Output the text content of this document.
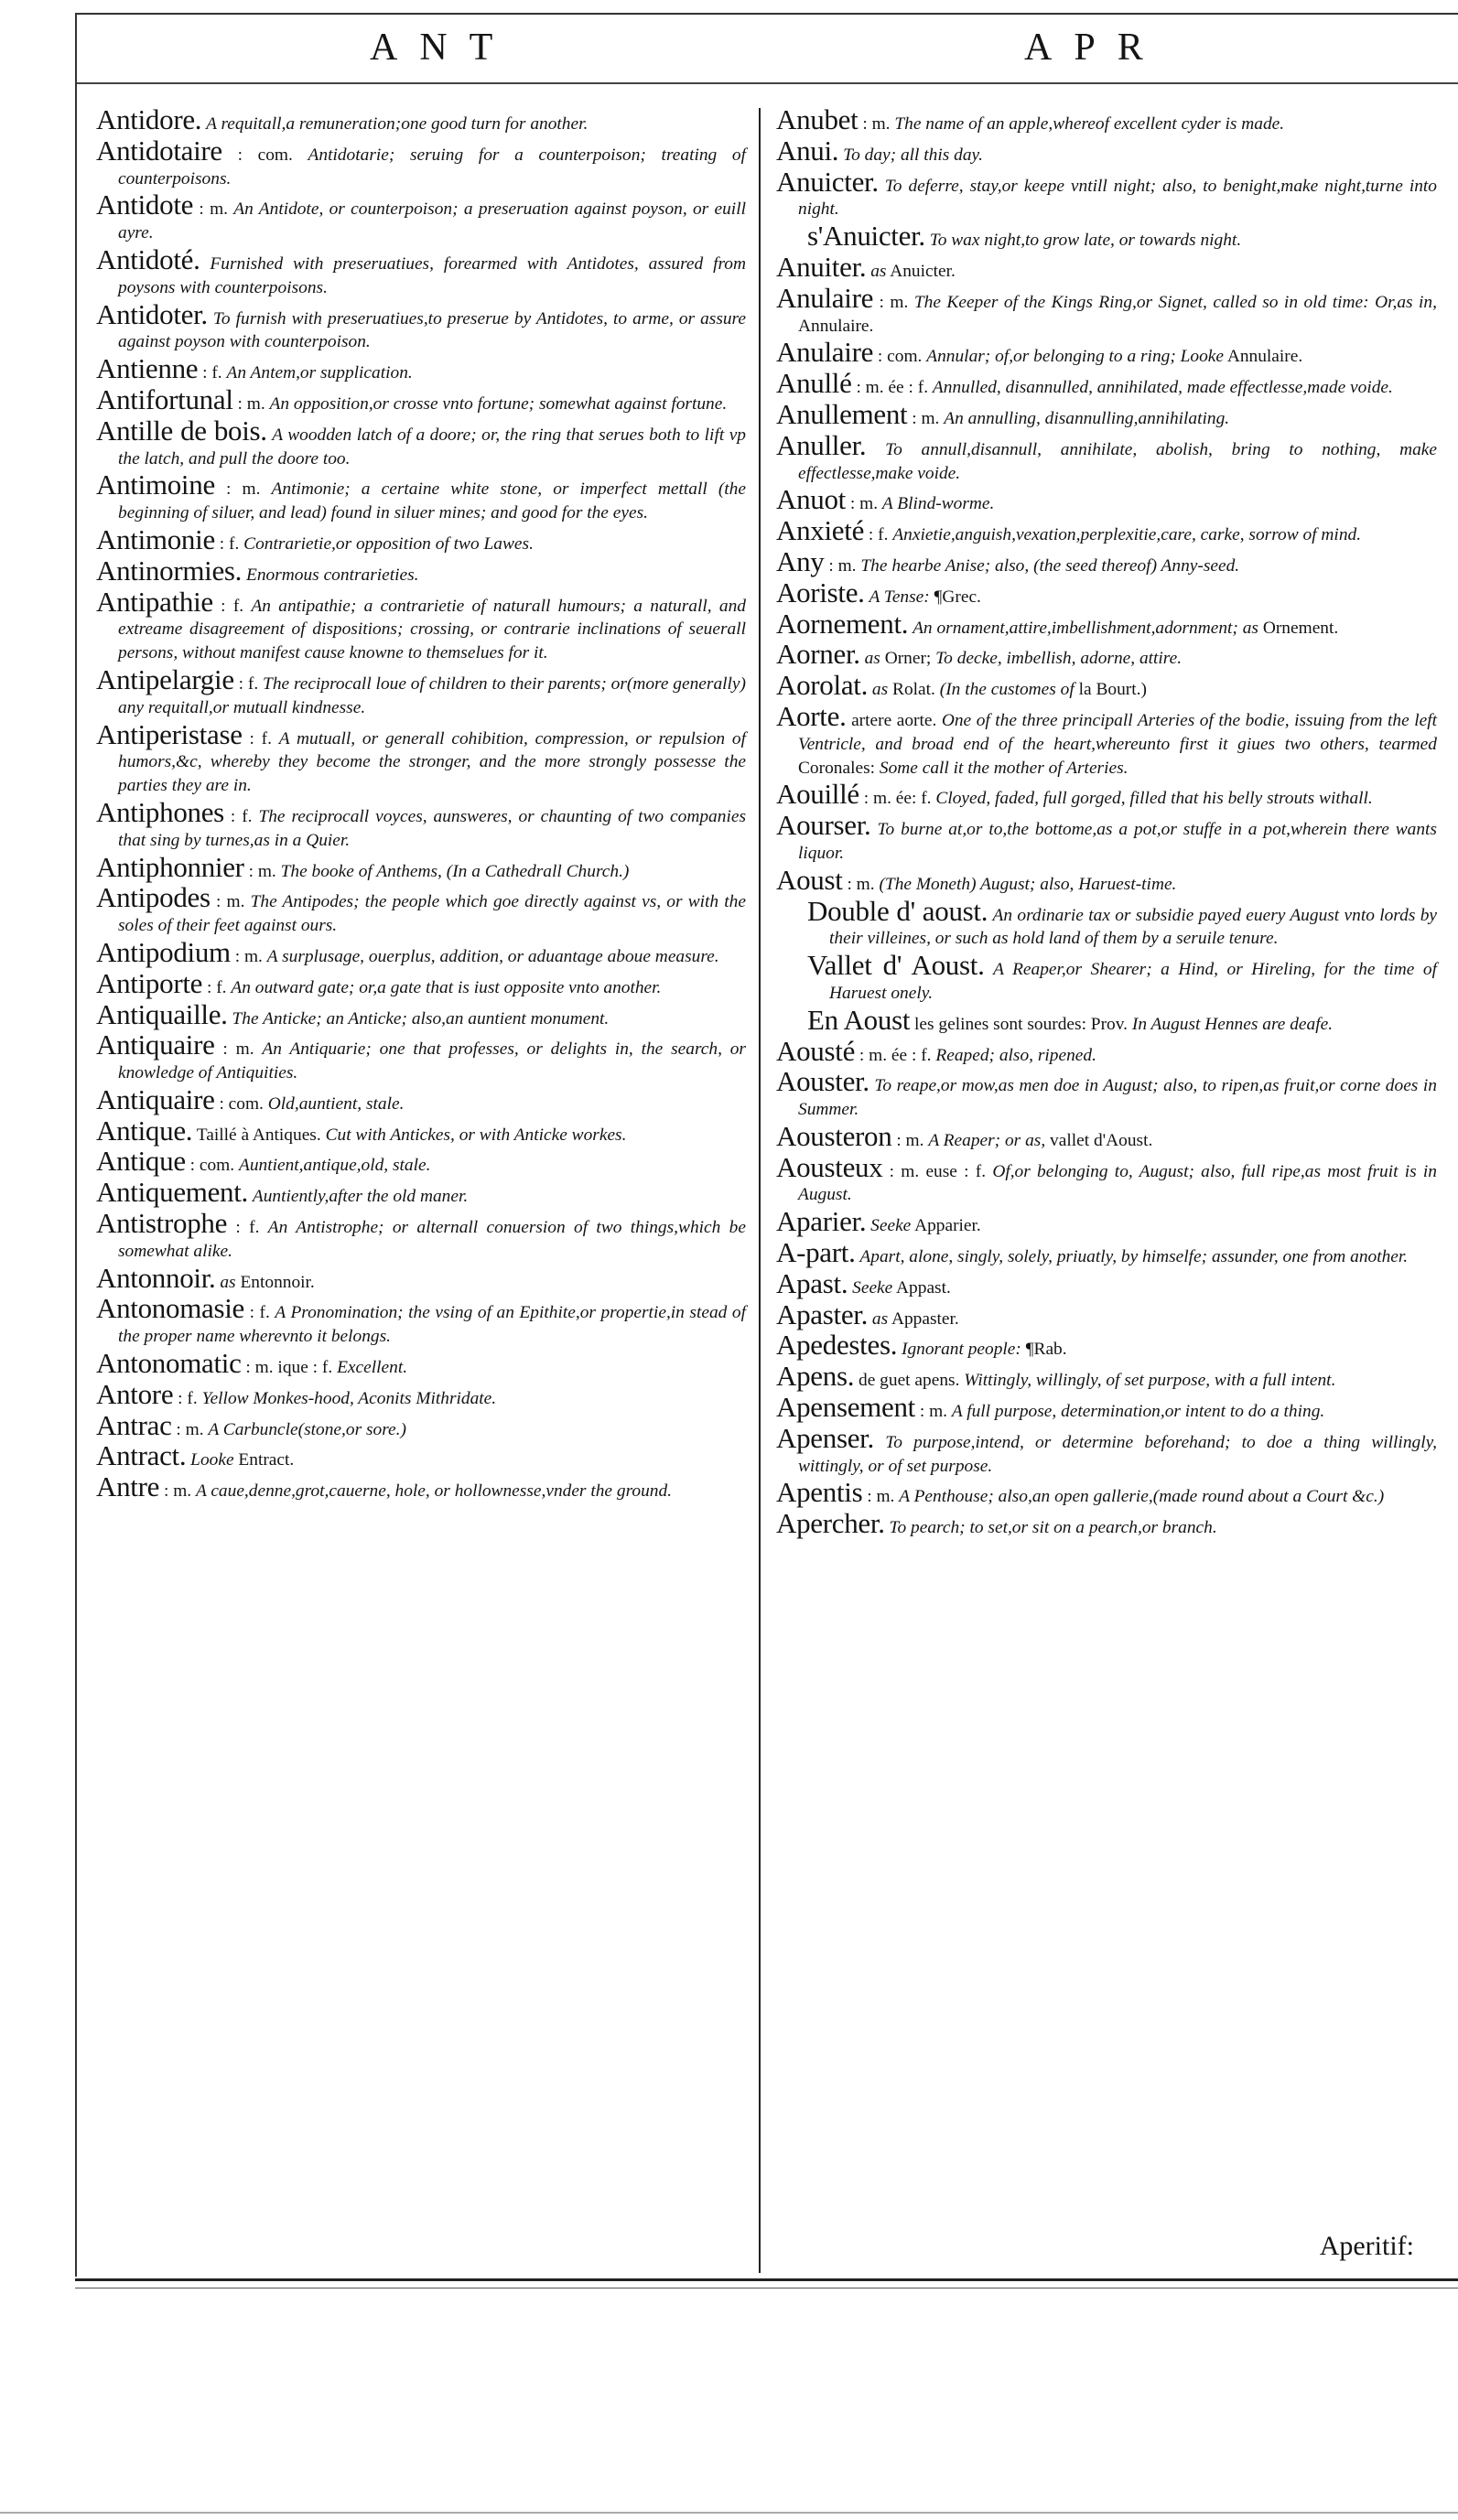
ANT	APR
Antidore. A requitall,a remuneration;one good turn for another.
Antidotaire : com. Antidotarie; seruing for a counterpoison; treating of counterpoisons.
Antidote : m. An Antidote, or counterpoison; a preseruation against poyson, or euill ayre.
Antidoté. Furnished with preseruatiues, forearmed with Antidotes, assured from poysons with counterpoisons.
Antidoter. To furnish with preseruatiues,to preserue by Antidotes, to arme, or assure against poyson with counterpoison.
Antienne : f. An Antem,or supplication.
Antifortunal : m. An opposition,or crosse vnto fortune; somewhat against fortune.
Antille de bois. A woodden latch of a doore; or, the ring that serues both to lift vp the latch, and pull the doore too.
Antimoine : m. Antimonie; a certaine white stone, or imperfect mettall (the beginning of siluer, and lead) found in siluer mines; and good for the eyes.
Antimonie : f. Contrarietie,or opposition of two Lawes.
Antinormies. Enormous contrarieties.
Antipathie : f. An antipathie; a contrarietie of naturall humours; a naturall, and extreame disagreement of dispositions; crossing, or contrarie inclinations of seuerall persons, without manifest cause knowne to themselues for it.
Antipelargie : f. The reciprocall loue of children to their parents; or(more generally) any requitall,or mutuall kindnesse.
Antiperistase : f. A mutuall, or generall cohibition, compression, or repulsion of humors,&c, whereby they become the stronger, and the more strongly possesse the parties they are in.
Antiphones : f. The reciprocall voyces, aunsweres, or chaunting of two companies that sing by turnes,as in a Quier.
Antiphonnier : m. The booke of Anthems, (In a Cathedrall Church.)
Antipodes : m. The Antipodes; the people which goe directly against vs, or with the soles of their feet against ours.
Antipodium : m. A surplusage, ouerplus, addition, or aduantage aboue measure.
Antiporte : f. An outward gate; or,a gate that is iust opposite vnto another.
Antiquaille. The Anticke; an Anticke; also,an auntient monument.
Antiquaire : m. An Antiquarie; one that professes, or delights in, the search, or knowledge of Antiquities.
Antiquaire : com. Old,auntient, stale.
Antique. Taillé à Antiques. Cut with Antickes, or with Anticke workes.
Antique : com. Auntient,antique,old, stale.
Antiquement. Auntiently,after the old maner.
Antistrophe : f. An Antistrophe; or alternall conuersion of two things,which be somewhat alike.
Antonnoir. as Entonnoir.
Antonomasie : f. A Pronomination; the vsing of an Epithite,or propertie,in stead of the proper name wherevnto it belongs.
Antonomatic : m. ique : f. Excellent.
Antore : f. Yellow Monkes-hood, Aconits Mithridate.
Antrac : m. A Carbuncle(stone,or sore.)
Antract. Looke Entract.
Antre : m. A caue,denne,grot,cauerne, hole, or hollownesse,vnder the ground.
Anubet : m. The name of an apple,whereof excellent cyder is made.
Anui. To day; all this day.
Anuicter. To deferre, stay,or keepe vntill night; also, to benight,make night,turne into night.
s'Anuicter. To wax night,to grow late, or towards night.
Anuiter. as Anuicter.
Anulaire : m. The Keeper of the Kings Ring,or Signet, called so in old time: Or,as in, Annulaire.
Anulaire : com. Annular; of,or belonging to a ring; Looke Annulaire.
Anullé : m. ée : f. Annulled, disannulled, annihilated, made effectlesse,made voide.
Anullement : m. An annulling, disannulling,annihilating.
Anuller. To annull,disannull, annihilate, abolish, bring to nothing, make effectlesse,make voide.
Anuot : m. A Blind-worme.
Anxieté : f. Anxietie,anguish,vexation,perplexitie,care, carke, sorrow of mind.
Any : m. The hearbe Anise; also, (the seed thereof) Anny-seed.
Aoriste. A Tense: ¶Grec.
Aornement. An ornament,attire,imbellishment,adornment; as Ornement.
Aorner. as Orner; To decke, imbellish, adorne, attire.
Aorolat. as Rolat. (In the customes of la Bourt.)
Aorte. artere aorte. One of the three principall Arteries of the bodie, issuing from the left Ventricle, and broad end of the heart,whereunto first it giues two others, tearmed Coronales: Some call it the mother of Arteries.
Aouillé : m. ée: f. Cloyed, faded, full gorged, filled that his belly strouts withall.
Aourser. To burne at,or to,the bottome,as a pot,or stuffe in a pot,wherein there wants liquor.
Aoust : m. (The Moneth) August; also, Haruest-time.
Double d' aoust. An ordinarie tax or subsidie payed euery August vnto lords by their villeines, or such as hold land of them by a seruile tenure.
Vallet d' Aoust. A Reaper,or Shearer; a Hind, or Hireling, for the time of Haruest onely.
En Aoust les gelines sont sourdes: Prov. In August Hennes are deafe.
Aousté : m. ée : f. Reaped; also, ripened.
Aouster. To reape,or mow,as men doe in August; also, to ripen,as fruit,or corne does in Summer.
Aousteron : m. A Reaper; or as, vallet d'Aoust.
Aousteux : m. euse : f. Of,or belonging to, August; also, full ripe,as most fruit is in August.
Aparier. Seeke Apparier.
A-part. Apart, alone, singly, solely, priuatly, by himselfe; assunder, one from another.
Apast. Seeke Appast.
Apaster. as Appaster.
Apedestes. Ignorant people: ¶Rab.
Apens. de guet apens. Wittingly, willingly, of set purpose, with a full intent.
Apensement : m. A full purpose, determination,or intent to do a thing.
Apenser. To purpose,intend, or determine beforehand; to doe a thing willingly, wittingly, or of set purpose.
Apentis : m. A Penthouse; also,an open gallerie,(made round about a Court &c.)
Apercher. To pearch; to set,or sit on a pearch,or branch.
Aperitif:
